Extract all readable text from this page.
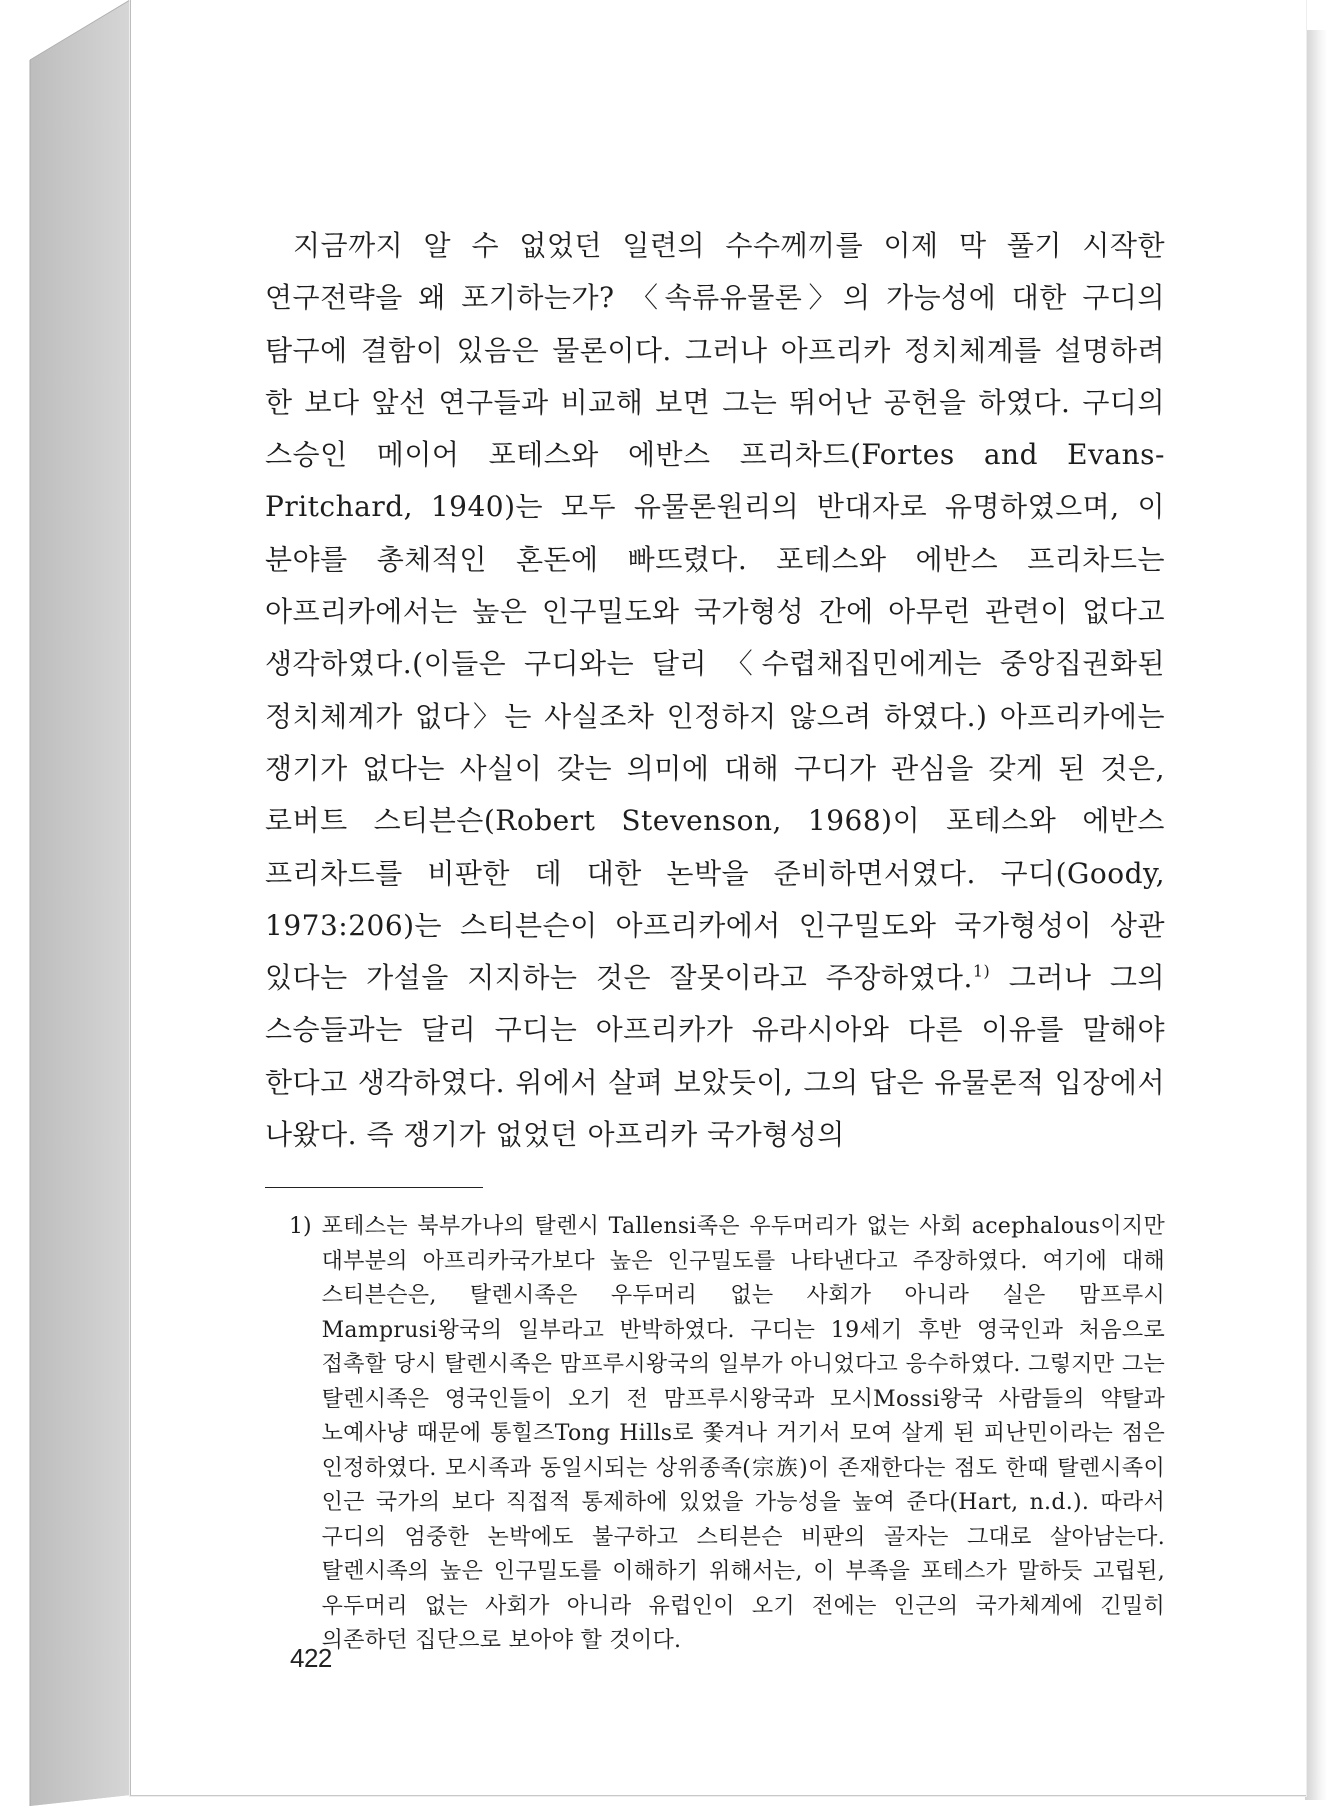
지금까지 알 수 없었던 일련의 수수께끼를 이제 막 풀기 시작한 연구전략을 왜 포기하는가? 〈속류유물론〉의 가능성에 대한 구디의 탐구에 결함이 있음은 물론이다. 그러나 아프리카 정치체계를 설명하려 한 보다 앞선 연구들과 비교해 보면 그는 뛰어난 공헌을 하였다. 구디의 스승인 메이어 포테스와 에반스 프리차드(Fortes and Evans-Pritchard, 1940)는 모두 유물론원리의 반대자로 유명하였으며, 이 분야를 총체적인 혼돈에 빠뜨렸다. 포테스와 에반스 프리차드는 아프리카에서는 높은 인구밀도와 국가형성 간에 아무런 관련이 없다고 생각하였다.(이들은 구디와는 달리 〈수렵채집민에게는 중앙집권화된 정치체계가 없다〉는 사실조차 인정하지 않으려 하였다.) 아프리카에는 쟁기가 없다는 사실이 갖는 의미에 대해 구디가 관심을 갖게 된 것은, 로버트 스티븐슨(Robert Stevenson, 1968)이 포테스와 에반스 프리차드를 비판한 데 대한 논박을 준비하면서였다. 구디(Goody, 1973:206)는 스티븐슨이 아프리카에서 인구밀도와 국가형성이 상관 있다는 가설을 지지하는 것은 잘못이라고 주장하였다.$^{1)}$ 그러나 그의 스승들과는 달리 구디는 아프리카가 유라시아와 다른 이유를 말해야 한다고 생각하였다. 위에서 살펴 보았듯이, 그의 답은 유물론적 입장에서 나왔다. 즉 쟁기가 없었던 아프리카 국가형성의

1) 포테스는 북부가나의 탈렌시 Tallensi족은 우두머리가 없는 사회 acephalous이지만 대부분의 아프리카국가보다 높은 인구밀도를 나타낸다고 주장하였다. 여기에 대해 스티븐슨은, 탈렌시족은 우두머리 없는 사회가 아니라 실은 맘프루시 Mamprusi왕국의 일부라고 반박하였다. 구디는 19세기 후반 영국인과 처음으로 접촉할 당시 탈렌시족은 맘프루시왕국의 일부가 아니었다고 응수하였다. 그렇지만 그는 탈렌시족은 영국인들이 오기 전 맘프루시왕국과 모시Mossi왕국 사람들의 약탈과 노예사냥 때문에 통힐즈Tong Hills로 쫓겨나 거기서 모여 살게 된 피난민이라는 점은 인정하였다. 모시족과 동일시되는 상위종족(宗族)이 존재한다는 점도 한때 탈렌시족이 인근 국가의 보다 직접적 통제하에 있었을 가능성을 높여 준다(Hart, n.d.). 따라서 구디의 엄중한 논박에도 불구하고 스티븐슨 비판의 골자는 그대로 살아남는다. 탈렌시족의 높은 인구밀도를 이해하기 위해서는, 이 부족을 포테스가 말하듯 고립된, 우두머리 없는 사회가 아니라 유럽인이 오기 전에는 인근의 국가체계에 긴밀히 의존하던 집단으로 보아야 할 것이다.

422
